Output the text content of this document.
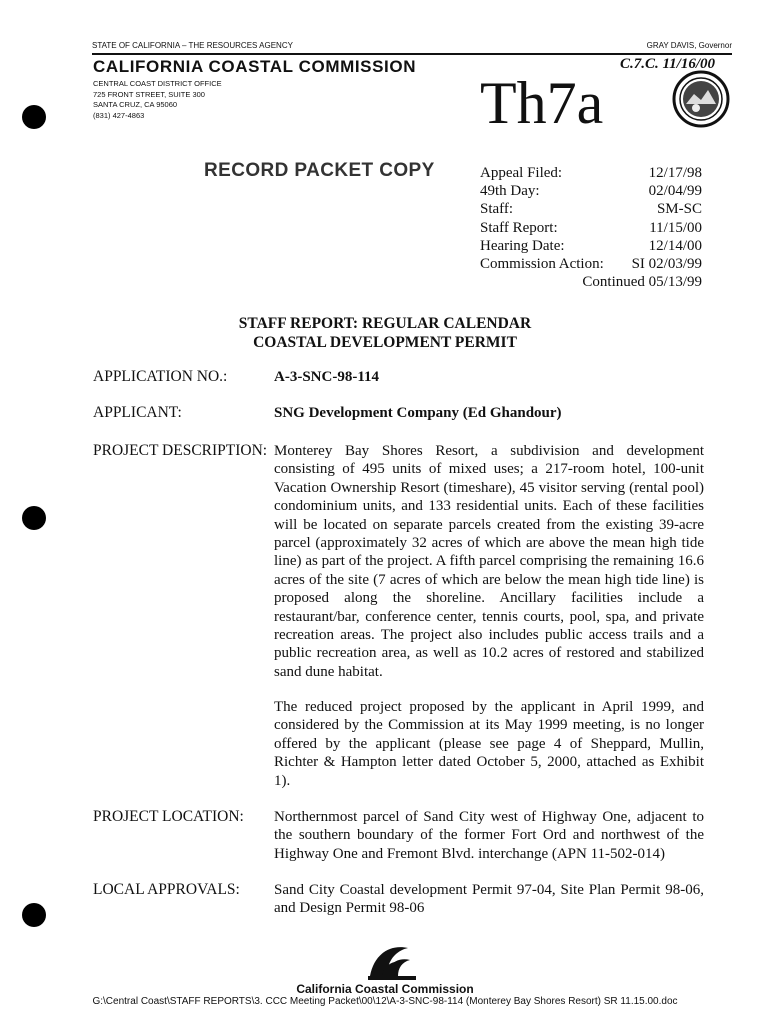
STATE OF CALIFORNIA – THE RESOURCES AGENCY	GRAY DAVIS, Governor
CALIFORNIA COASTAL COMMISSION
CENTRAL COAST DISTRICT OFFICE
725 FRONT STREET, SUITE 300
SANTA CRUZ, CA 95060
(831) 427-4863	Th7a
C.7.C. 11/16/00
RECORD PACKET COPY	Appeal Filed:	12/17/98
49th Day:	02/04/99
Staff:	SM-SC
Staff Report:	11/15/00
Hearing Date:	12/14/00
Commission Action: SI 02/03/99
Continued 05/13/99
STAFF REPORT: REGULAR CALENDAR
COASTAL DEVELOPMENT PERMIT
APPLICATION NO.:	A-3-SNC-98-114
APPLICANT:	SNG Development Company (Ed Ghandour)
PROJECT DESCRIPTION: Monterey Bay Shores Resort, a subdivision and development consisting of 495 units of mixed uses; a 217-room hotel, 100-unit Vacation Ownership Resort (timeshare), 45 visitor serving (rental pool) condominium units, and 133 residential units. Each of these facilities will be located on separate parcels created from the existing 39-acre parcel (approximately 32 acres of which are above the mean high tide line) as part of the project. A fifth parcel comprising the remaining 16.6 acres of the site (7 acres of which are below the mean high tide line) is proposed along the shoreline. Ancillary facilities include a restaurant/bar, conference center, tennis courts, pool, spa, and private recreation areas. The project also includes public access trails and a public recreation area, as well as 10.2 acres of restored and stabilized sand dune habitat.
The reduced project proposed by the applicant in April 1999, and considered by the Commission at its May 1999 meeting, is no longer offered by the applicant (please see page 4 of Sheppard, Mullin, Richter & Hampton letter dated October 5, 2000, attached as Exhibit 1).
PROJECT LOCATION: Northernmost parcel of Sand City west of Highway One, adjacent to the southern boundary of the former Fort Ord and northwest of the Highway One and Fremont Blvd. interchange (APN 11-502-014)
LOCAL APPROVALS: Sand City Coastal development Permit 97-04, Site Plan Permit 98-06, and Design Permit 98-06
California Coastal Commission
G:\Central Coast\STAFF REPORTS\3. CCC Meeting Packet\00\12\A-3-SNC-98-114 (Monterey Bay Shores Resort) SR 11.15.00.doc
